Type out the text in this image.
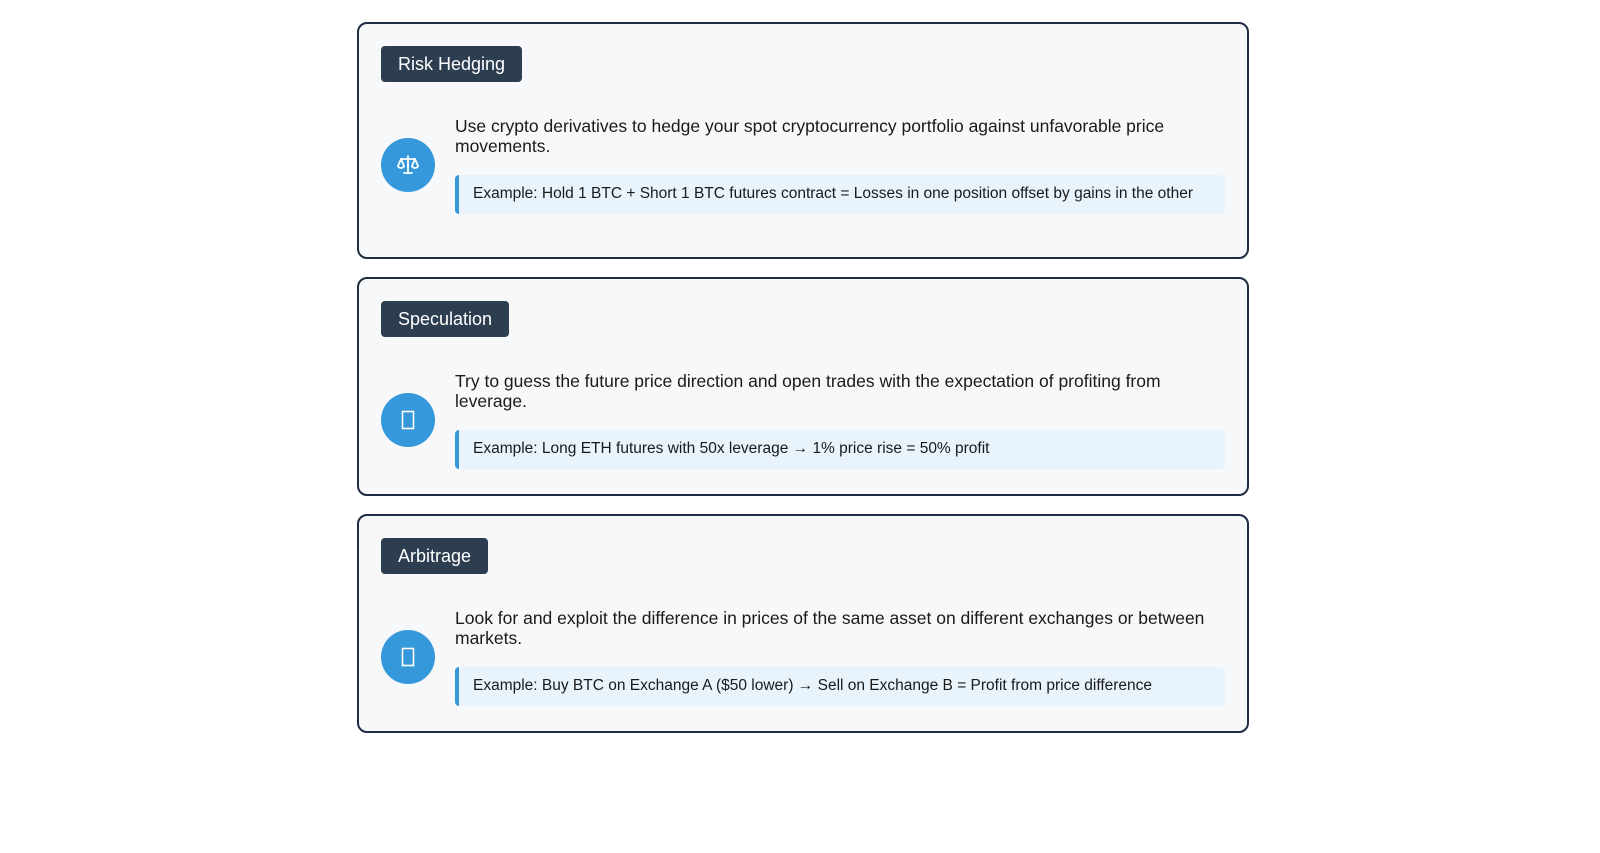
Risk Hedging

Use crypto derivatives to hedge your spot cryptocurrency portfolio against unfavorable price movements.

Example: Hold 1 BTC + Short 1 BTC futures contract = Losses in one position offset by gains in the other
Speculation

Try to guess the future price direction and open trades with the expectation of profiting from leverage.

Example: Long ETH futures with 50x leverage → 1% price rise = 50% profit
Arbitrage

Look for and exploit the difference in prices of the same asset on different exchanges or between markets.

Example: Buy BTC on Exchange A ($50 lower) → Sell on Exchange B = Profit from price difference
